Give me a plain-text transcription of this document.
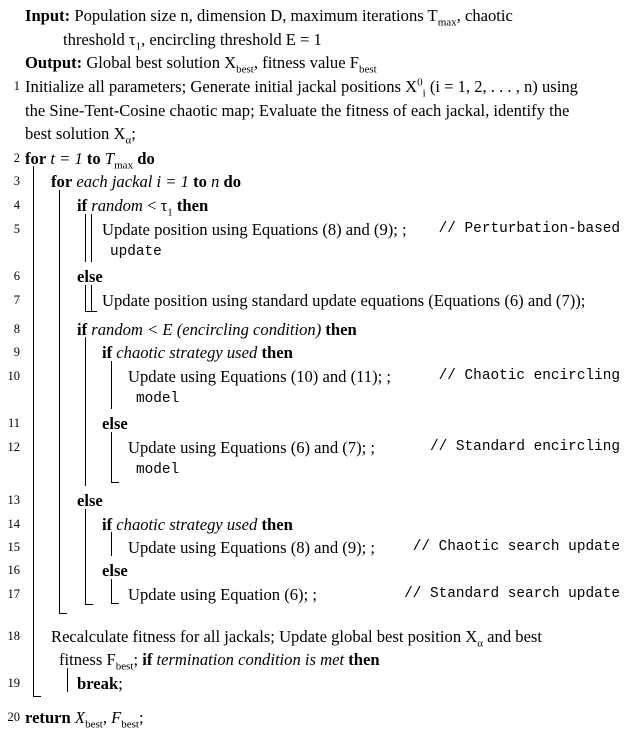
Input: Population size n, dimension D, maximum iterations $T_{max}$, chaotic
threshold $\tau_1$, encircling threshold E = 1
Output: Global best solution $X_{best}$, fitness value $F_{best}$
1 Initialize all parameters; Generate initial jackal positions $X^0_i$ (i = 1, 2, . . . , n) using
the Sine-Tent-Cosine chaotic map; Evaluate the fitness of each jackal, identify the
best solution $X_\alpha$;
2 for t = 1 to $T_{max}$ do
3 for each jackal i = 1 to n do
4	if random < $\tau_1$ then
5	Update position using Equations (8) and (9); ; // Perturbation-based
update
6	else
7	Update position using standard update equations (Equations (6) and (7));
8	if random < E (encircling condition) then
9	if chaotic strategy used then
10	Update using Equations (10) and (11); ;	// Chaotic encircling
model
11	else
12	Update using Equations (6) and (7); ;	// Standard encircling
model
13	else
14	if chaotic strategy used then
15	Update using Equations (8) and (9); ;	// Chaotic search update
16	else
17	Update using Equation (6); ;	// Standard search update
18 Recalculate fitness for all jackals; Update global best position $X_\alpha$ and best
fitness $F_{best}$; if termination condition is met then
19	break;
20 return $X_{best}$, $F_{best}$;
